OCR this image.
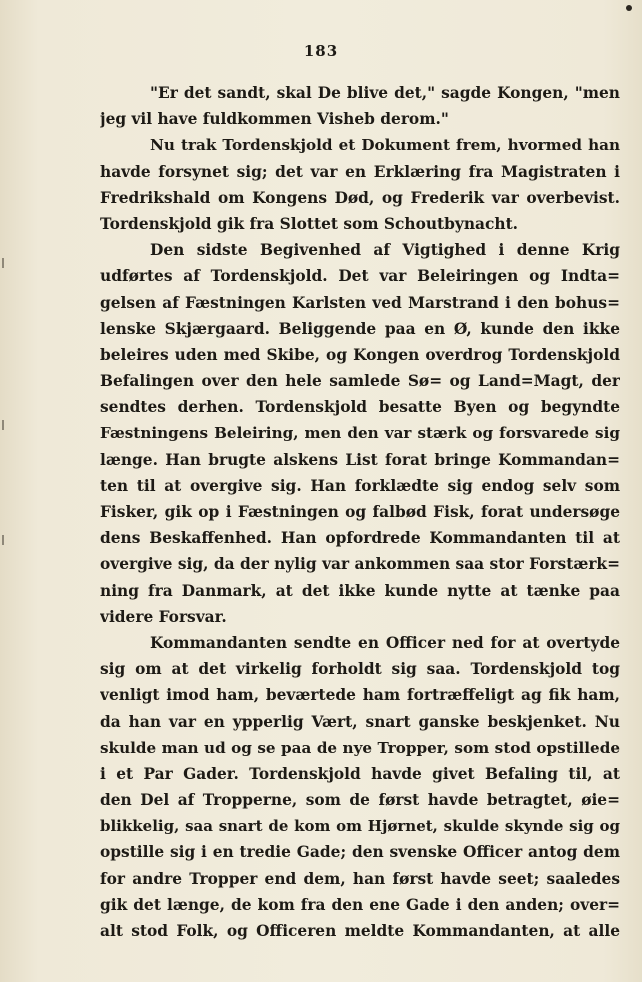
183
"Er det sandt, skal De blive det," sagde Kongen, "men
jeg vil have fuldkommen Visheb derom."
Nu trak Tordenskjold et Dokument frem, hvormed han
havde forsynet sig; det var en Erklæring fra Magistraten i
Fredrikshald om Kongens Død, og Frederik var overbevist.
Tordenskjold gik fra Slottet som Schoutbynacht.
Den sidste Begivenhed af Vigtighed i denne Krig
udførtes af Tordenskjold. Det var Beleiringen og Indta=
gelsen af Fæstningen Karlsten ved Marstrand i den bohus=
lenske Skjærgaard. Beliggende paa en Ø, kunde den ikke
beleires uden med Skibe, og Kongen overdrog Tordenskjold
Befalingen over den hele samlede Sø= og Land=Magt, der
sendtes derhen. Tordenskjold besatte Byen og begyndte
Fæstningens Beleiring, men den var stærk og forsvarede sig
længe. Han brugte alskens List forat bringe Kommandan=
ten til at overgive sig. Han forklædte sig endog selv som
Fisker, gik op i Fæstningen og falbød Fisk, forat undersøge
dens Beskaffenhed. Han opfordrede Kommandanten til at
overgive sig, da der nylig var ankommen saa stor Forstærk=
ning fra Danmark, at det ikke kunde nytte at tænke paa
videre Forsvar.
Kommandanten sendte en Officer ned for at overtyde
sig om at det virkelig forholdt sig saa. Tordenskjold tog
venligt imod ham, beværtede ham fortræffeligt ag fik ham,
da han var en ypperlig Vært, snart ganske beskjenket. Nu
skulde man ud og se paa de nye Tropper, som stod opstillede
i et Par Gader. Tordenskjold havde givet Befaling til, at
den Del af Tropperne, som de først havde betragtet, øie=
blikkelig, saa snart de kom om Hjørnet, skulde skynde sig og
opstille sig i en tredie Gade; den svenske Officer antog dem
for andre Tropper end dem, han først havde seet; saaledes
gik det længe, de kom fra den ene Gade i den anden; over=
alt stod Folk, og Officeren meldte Kommandanten, at alle
